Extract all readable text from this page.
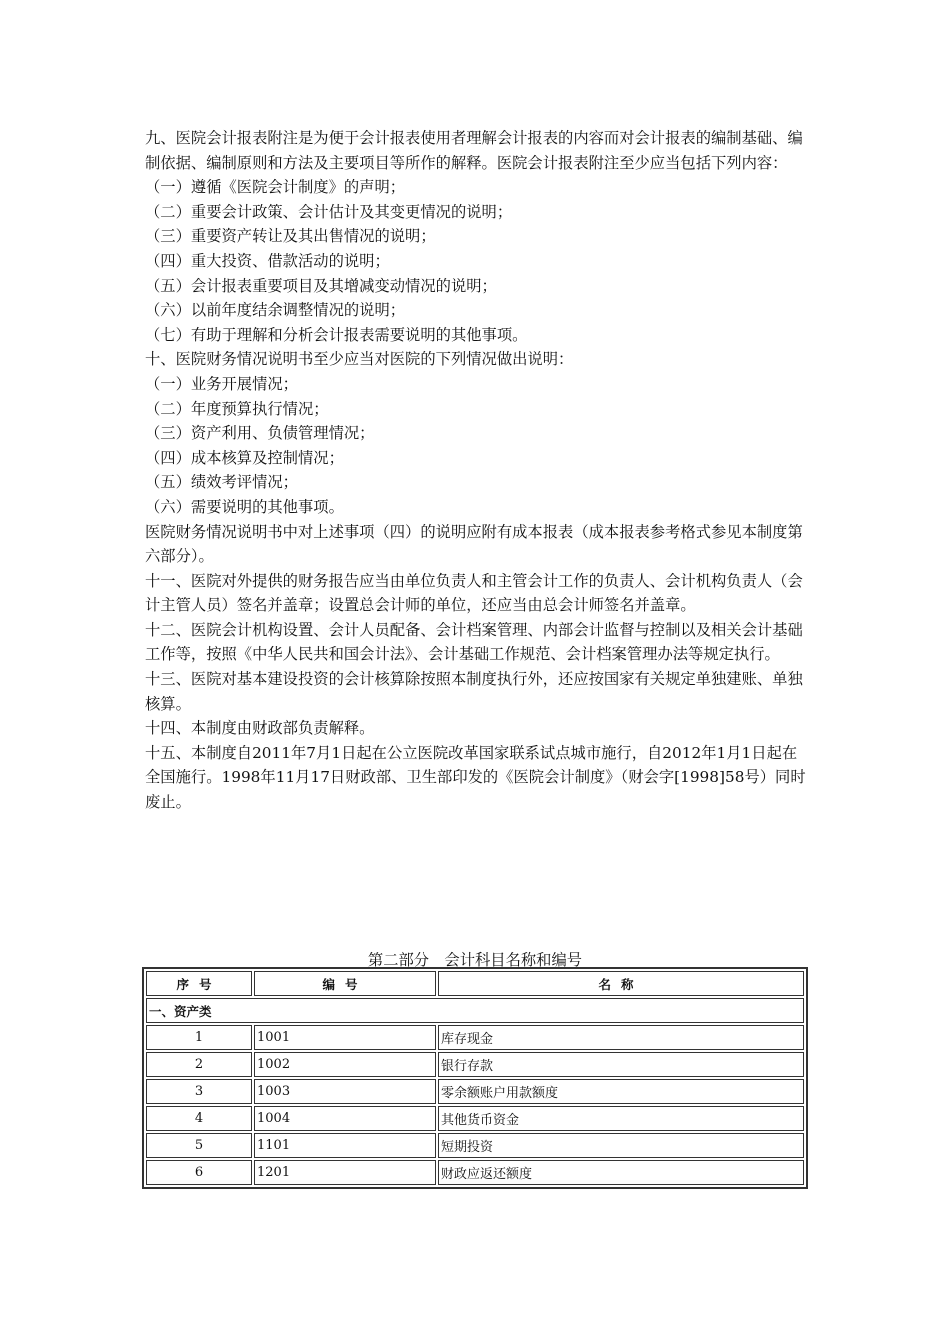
九、医院会计报表附注是为便于会计报表使用者理解会计报表的内容而对会计报表的编制基础、编制依据、编制原则和方法及主要项目等所作的解释。医院会计报表附注至少应当包括下列内容：

（一）遵循《医院会计制度》的声明；

（二）重要会计政策、会计估计及其变更情况的说明；

（三）重要资产转让及其出售情况的说明；

（四）重大投资、借款活动的说明；

（五）会计报表重要项目及其增减变动情况的说明；

（六）以前年度结余调整情况的说明；

（七）有助于理解和分析会计报表需要说明的其他事项。

十、医院财务情况说明书至少应当对医院的下列情况做出说明：

（一）业务开展情况；

（二）年度预算执行情况；

（三）资产利用、负债管理情况；

（四）成本核算及控制情况；

（五）绩效考评情况；

（六）需要说明的其他事项。

医院财务情况说明书中对上述事项（四）的说明应附有成本报表（成本报表参考格式参见本制度第六部分）。

十一、医院对外提供的财务报告应当由单位负责人和主管会计工作的负责人、会计机构负责人（会计主管人员）签名并盖章；设置总会计师的单位，还应当由总会计师签名并盖章。

十二、医院会计机构设置、会计人员配备、会计档案管理、内部会计监督与控制以及相关会计基础工作等，按照《中华人民共和国会计法》、会计基础工作规范、会计档案管理办法等规定执行。

十三、医院对基本建设投资的会计核算除按照本制度执行外，还应按国家有关规定单独建账、单独核算。

十四、本制度由财政部负责解释。

十五、本制度自2011年7月1日起在公立医院改革国家联系试点城市施行，自2012年1月1日起在全国施行。1998年11月17日财政部、卫生部印发的《医院会计制度》（财会字[1998]58号）同时废止。

第二部分　会计科目名称和编号
序号	编号	名称
一、资产类		
1	1001	库存现金
2	1002	银行存款
3	1003	零余额账户用款额度
4	1004	其他货币资金
5	1101	短期投资
6	1201	财政应返还额度
